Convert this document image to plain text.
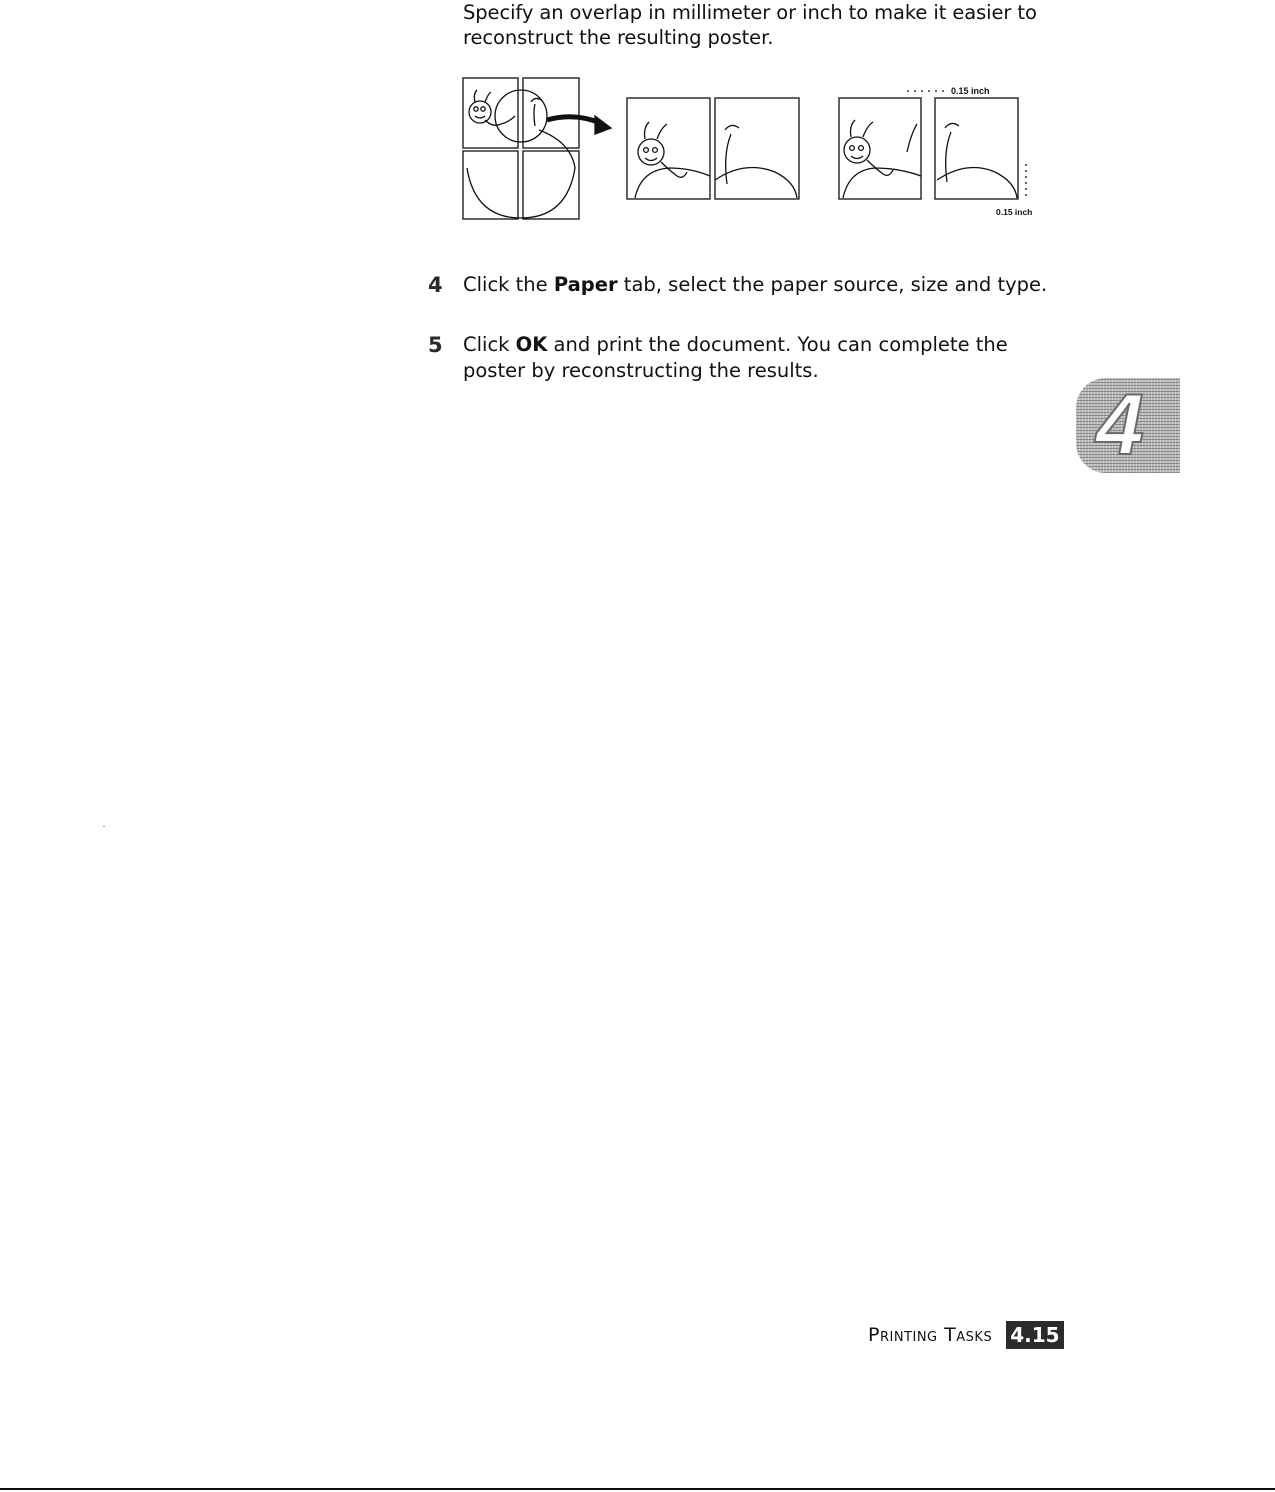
Specify an overlap in millimeter or inch to make it easier to
reconstruct the resulting poster.
0.15 inch
0.15 inch
4 Click the Paper tab, select the paper source, size and type.
5 Click OK and print the document. You can complete the
poster by reconstructing the results.
4
Printing Tasks 4.15
